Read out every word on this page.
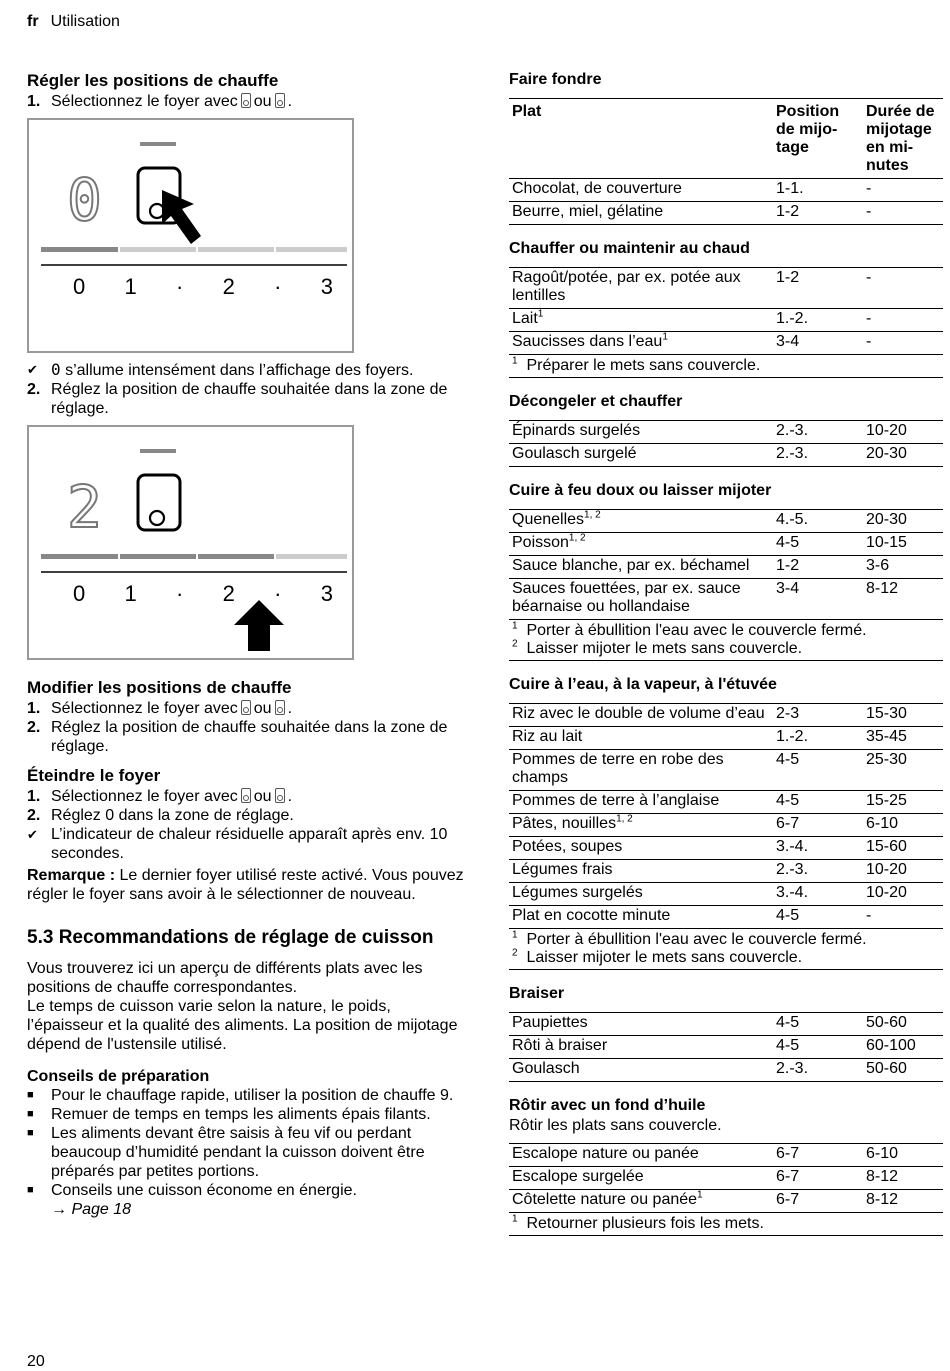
fr Utilisation
Régler les positions de chauffe
1. Sélectionnez le foyer avec ou .
0
0 1 · 2 · 3
✔ 0 s’allume intensément dans l’affichage des foyers.
2. Réglez la position de chauffe souhaitée dans la zone de réglage.
2
0 1 · 2 · 3
Modifier les positions de chauffe
1. Sélectionnez le foyer avec ou .
2. Réglez la position de chauffe souhaitée dans la zone de réglage.
Éteindre le foyer
1. Sélectionnez le foyer avec ou .
2. Réglez 0 dans la zone de réglage.
✔ L’indicateur de chaleur résiduelle apparaît après env. 10 secondes.
Remarque : Le dernier foyer utilisé reste activé. Vous pouvez régler le foyer sans avoir à le sélectionner de nouveau.
5.3 Recommandations de réglage de cuisson
Vous trouverez ici un aperçu de différents plats avec les positions de chauffe correspondantes.
Le temps de cuisson varie selon la nature, le poids, l’épaisseur et la qualité des aliments. La position de mijotage dépend de l'ustensile utilisé.
Conseils de préparation
■	Pour le chauffage rapide, utiliser la position de chauffe 9.
■	Remuer de temps en temps les aliments épais filants.
■	Les aliments devant être saisis à feu vif ou perdant beaucoup d’humidité pendant la cuisson doivent être préparés par petites portions.
■	Conseils une cuisson économe en énergie.
→ Page 18
Faire fondre
Plat	Position de mijo-tage	Durée de mijotage en mi-nutes
Chocolat, de couverture	1-1.	-
Beurre, miel, gélatine	1-2	-
Chauffer ou maintenir au chaud
Ragoût/potée, par ex. potée aux lentilles	1-2	-
Lait$^1$	1.-2.	-
Saucisses dans l’eau$^1$	3-4	-
$^1$ Préparer le mets sans couvercle.		
Décongeler et chauffer
Épinards surgelés	2.-3.	10-20
Goulasch surgelé	2.-3.	20-30
Cuire à feu doux ou laisser mijoter
Quenelles$^{1, 2}$	4.-5.	20-30
Poisson$^{1, 2}$	4-5	10-15
Sauce blanche, par ex. béchamel	1-2	3-6
Sauces fouettées, par ex. sauce béarnaise ou hollandaise	3-4	8-12
$^1$ Porter à ébullition l'eau avec le couvercle fermé.
$^2$ Laisser mijoter le mets sans couvercle.		
Cuire à l’eau, à la vapeur, à l'étuvée
Riz avec le double de volume d’eau	2-3	15-30
Riz au lait	1.-2.	35-45
Pommes de terre en robe des champs	4-5	25-30
Pommes de terre à l’anglaise	4-5	15-25
Pâtes, nouilles$^{1, 2}$	6-7	6-10
Potées, soupes	3.-4.	15-60
Légumes frais	2.-3.	10-20
Légumes surgelés	3.-4.	10-20
Plat en cocotte minute	4-5	-
$^1$ Porter à ébullition l'eau avec le couvercle fermé.
$^2$ Laisser mijoter le mets sans couvercle.		
Braiser
Paupiettes	4-5	50-60
Rôti à braiser	4-5	60-100
Goulasch	2.-3.	50-60
Rôtir avec un fond d’huile
Rôtir les plats sans couvercle.
Escalope nature ou panée	6-7	6-10
Escalope surgelée	6-7	8-12
Côtelette nature ou panée$^1$	6-7	8-12
$^1$ Retourner plusieurs fois les mets.		
20
